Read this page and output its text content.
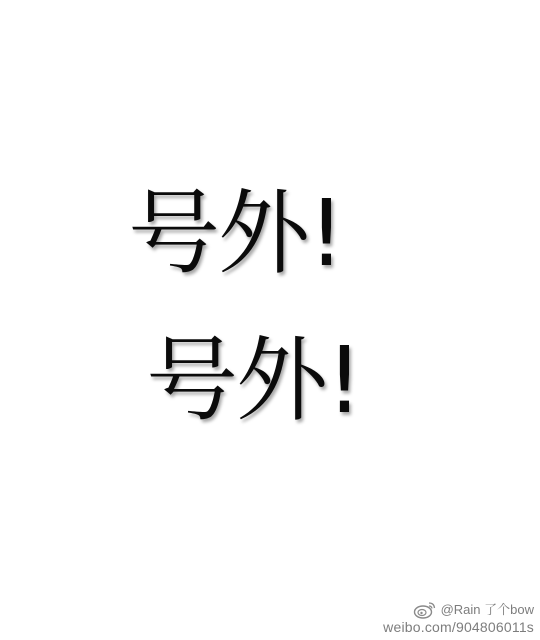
号外!
号外!
@Rain 了个bow
weibo.com/904806011s
